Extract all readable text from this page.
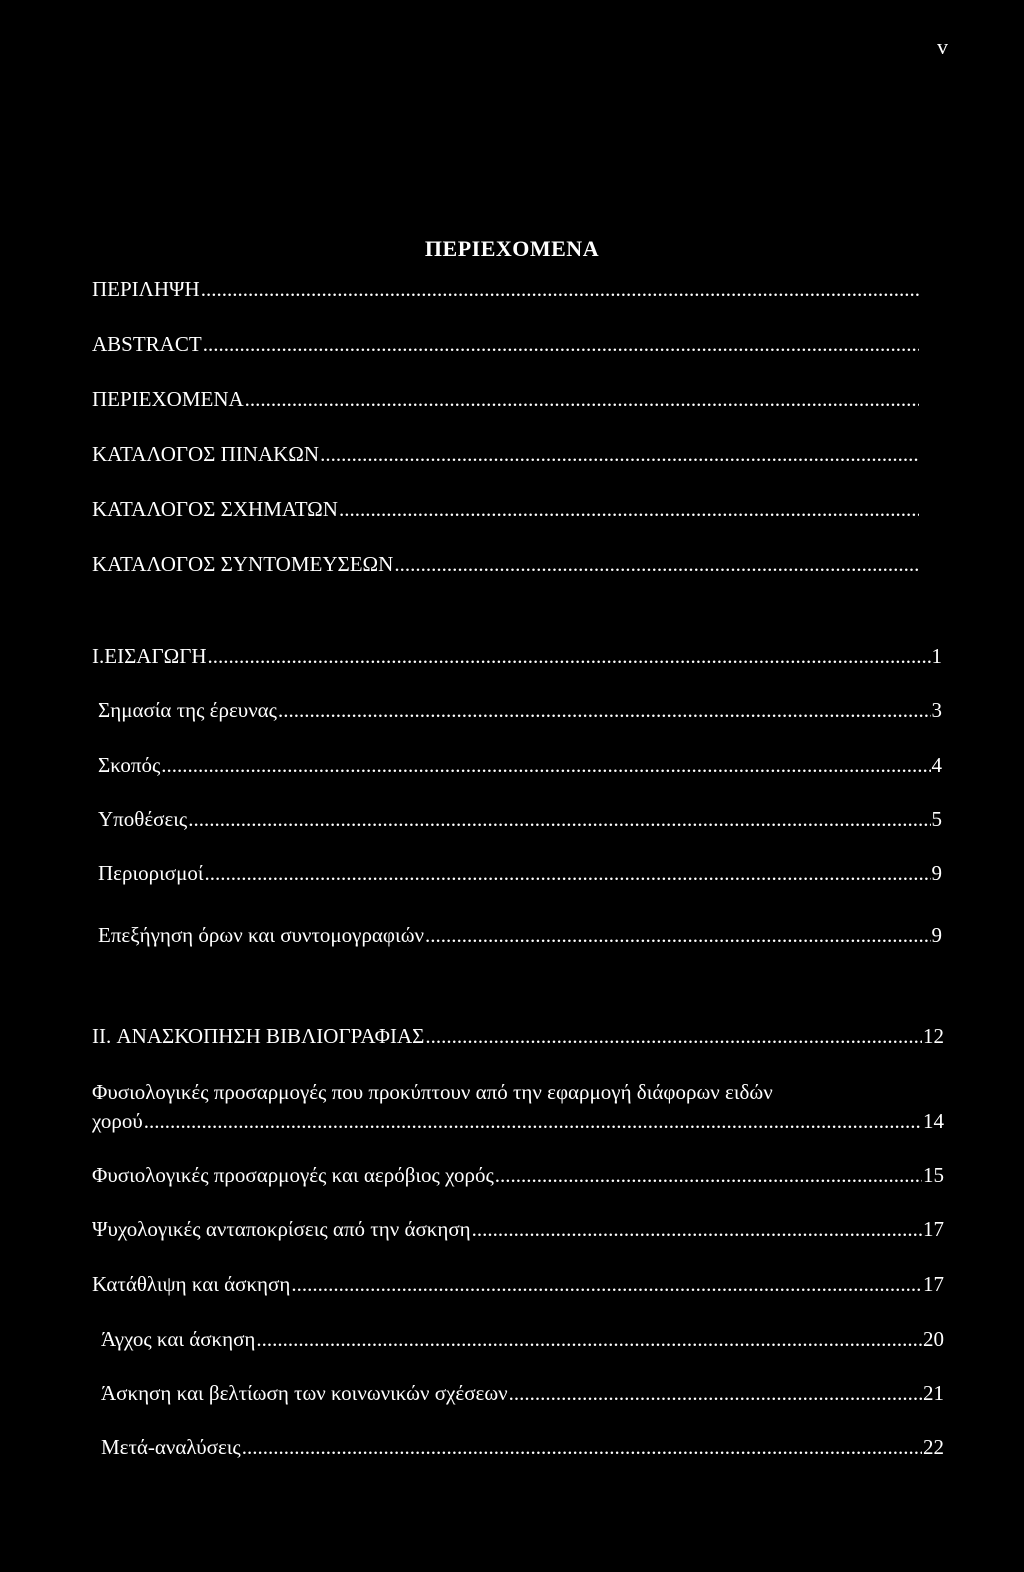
v
ΠΕΡΙΕΧΟΜΕΝΑ
ΠΕΡΙΛΗΨΗ
.....
ABSTRACT
.....
ΠΕΡΙΕΧΟΜΕΝΑ
.....
ΚΑΤΑΛΟΓΟΣ ΠΙΝΑΚΩΝ
.....
ΚΑΤΑΛΟΓΟΣ ΣΧΗΜΑΤΩΝ
.....
ΚΑΤΑΛΟΓΟΣ ΣΥΝΤΟΜΕΥΣΕΩΝ
.....
I.ΕΙΣΑΓΩΓΗ .....	1
Σημασία της έρευνας .....	3
Σκοπός .....	4
Υποθέσεις .....	5
Περιορισμοί .....	9
Επεξήγηση όρων και συντομογραφιών .....	9
II. ΑΝΑΣΚΟΠΗΣΗ ΒΙΒΛΙΟΓΡΑΦΙΑΣ .....	12
Φυσιολογικές προσαρμογές που προκύπτουν από την εφαρμογή διάφορων ειδών
χορού .....	14
Φυσιολογικές προσαρμογές και αερόβιος χορός .....	15
Ψυχολογικές ανταποκρίσεις από την άσκηση .....	17
Κατάθλιψη και άσκηση .....	17
Άγχος και άσκηση .....	20
Άσκηση και βελτίωση των κοινωνικών σχέσεων .....	21
Μετά-αναλύσεις .....	22
